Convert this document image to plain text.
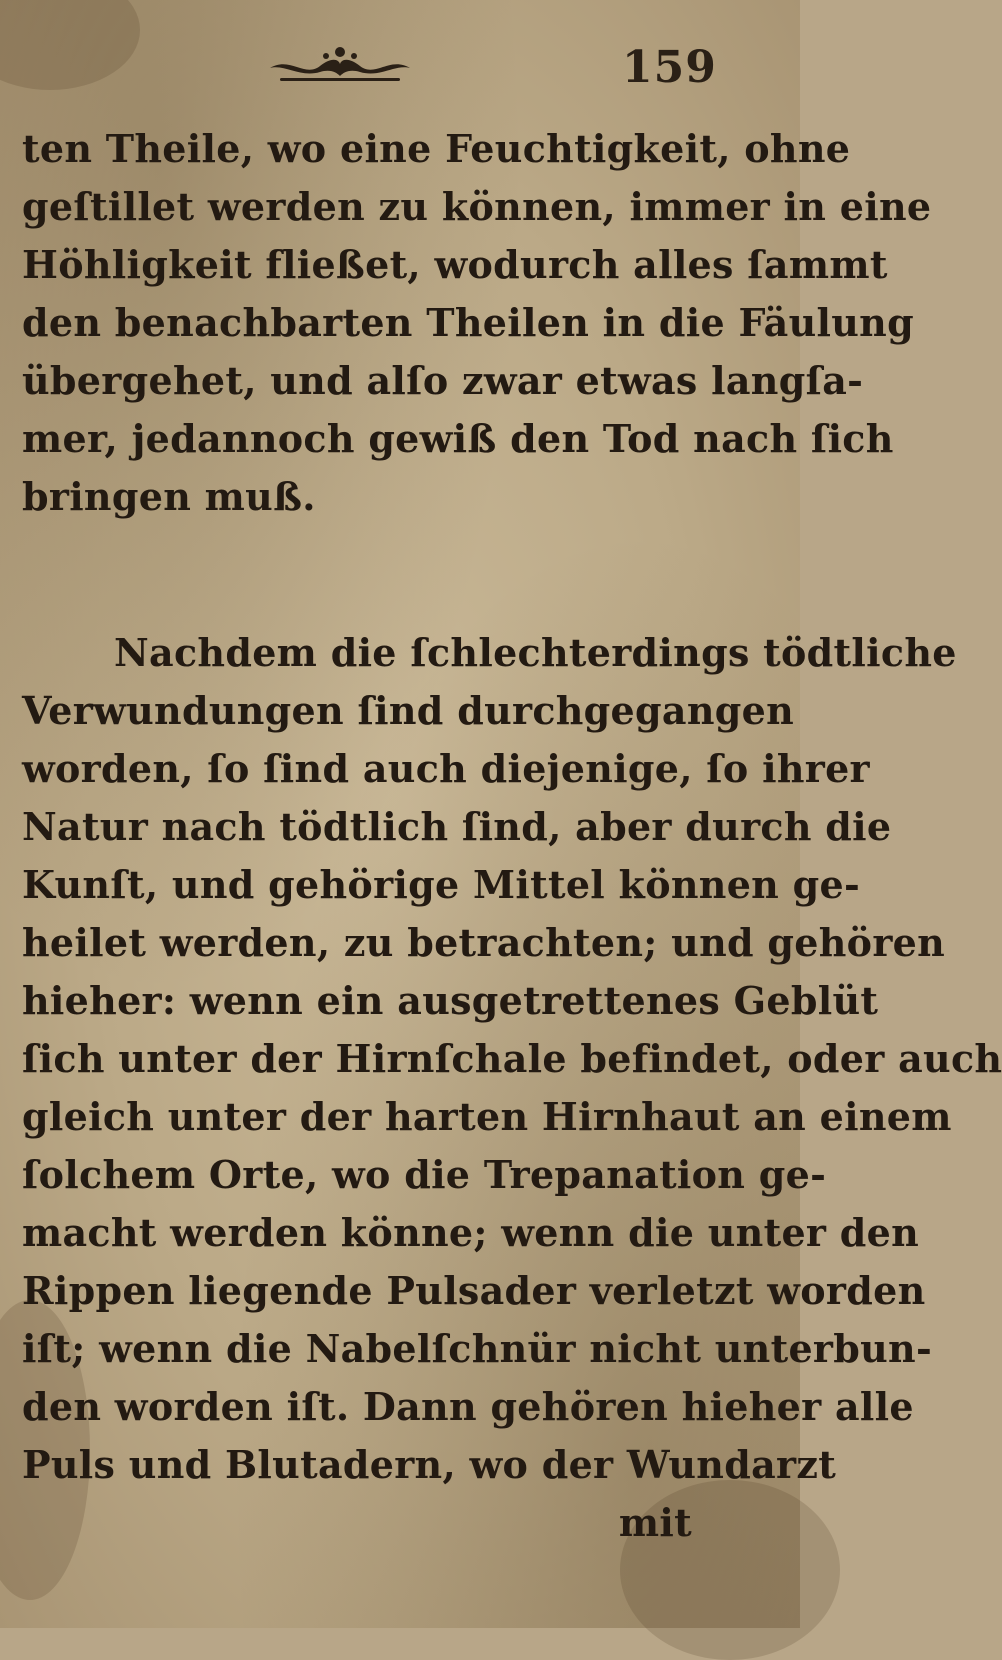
159
ten Theile, wo eine Feuchtigkeit, ohne
geſtillet werden zu können, immer in eine
Höhligkeit fließet, wodurch alles ſammt
den benachbarten Theilen in die Fäulung
übergehet, und alſo zwar etwas langſa-
mer, jedannoch gewiß den Tod nach ſich
bringen muß.
Nachdem die ſchlechterdings tödtliche
Verwundungen ſind durchgegangen
worden, ſo ſind auch diejenige, ſo ihrer
Natur nach tödtlich ſind, aber durch die
Kunſt, und gehörige Mittel können ge-
heilet werden, zu betrachten; und gehören
hieher: wenn ein ausgetrettenes Geblüt
ſich unter der Hirnſchale befindet, oder auch
gleich unter der harten Hirnhaut an einem
ſolchem Orte, wo die Trepanation ge-
macht werden könne; wenn die unter den
Rippen liegende Pulsader verletzt worden
iſt; wenn die Nabelſchnür nicht unterbun-
den worden iſt. Dann gehören hieher alle
Puls und Blutadern, wo der Wundarzt
mit
